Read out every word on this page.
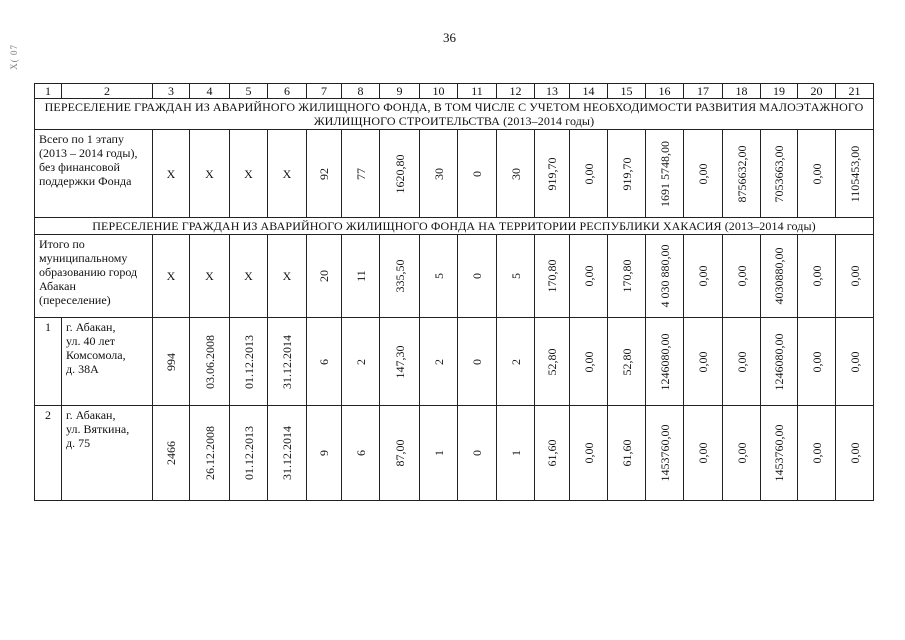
36
X( 07
1	2	3	4	5	6	7	8	9	10	11	12	13	14	15	16	17	18	19	20	21
ПЕРЕСЕЛЕНИЕ ГРАЖДАН ИЗ АВАРИЙНОГО ЖИЛИЩНОГО ФОНДА, В ТОМ ЧИСЛЕ С УЧЕТОМ НЕОБХОДИМОСТИ РАЗВИТИЯ МАЛОЭТАЖНОГО ЖИЛИЩНОГО СТРОИТЕЛЬСТВА (2013–2014 годы)																				
Всего по 1 этапу (2013 – 2014 годы), без финансовой поддержки Фонда		X	X	X	X	92	77	1620,80	30	0	30	919,70	0,00	919,70	1691 5748,00	0,00	8756632,00	7053663,00	0,00	1105453,00

ПЕРЕСЕЛЕНИЕ ГРАЖДАН ИЗ АВАРИЙНОГО ЖИЛИЩНОГО ФОНДА НА ТЕРРИТОРИИ РЕСПУБЛИКИ ХАКАСИЯ (2013–2014 годы)																				
Итого по муниципальному образованию город Абакан
(переселение)		X	X	X	X	20	11	335,50	5	0	5	170,80	0,00	170,80	4 030 880,00	0,00	0,00	4030880,00	0,00	0,00

1	г. Абакан,
ул. 40 лет Комсомола,
д. 38А	994	03.06.2008	01.12.2013	31.12.2014	6	2	147,30	2	0	2	52,80	0,00	52,80	1246080,00	0,00	0,00	1246080,00	0,00	0,00

2	г. Абакан,
ул. Вяткина,
д. 75	2466	26.12.2008	01.12.2013	31.12.2014	9	6	87,00	1	0	1	61,60	0,00	61,60	1453760,00	0,00	0,00	1453760,00	0,00	0,00
